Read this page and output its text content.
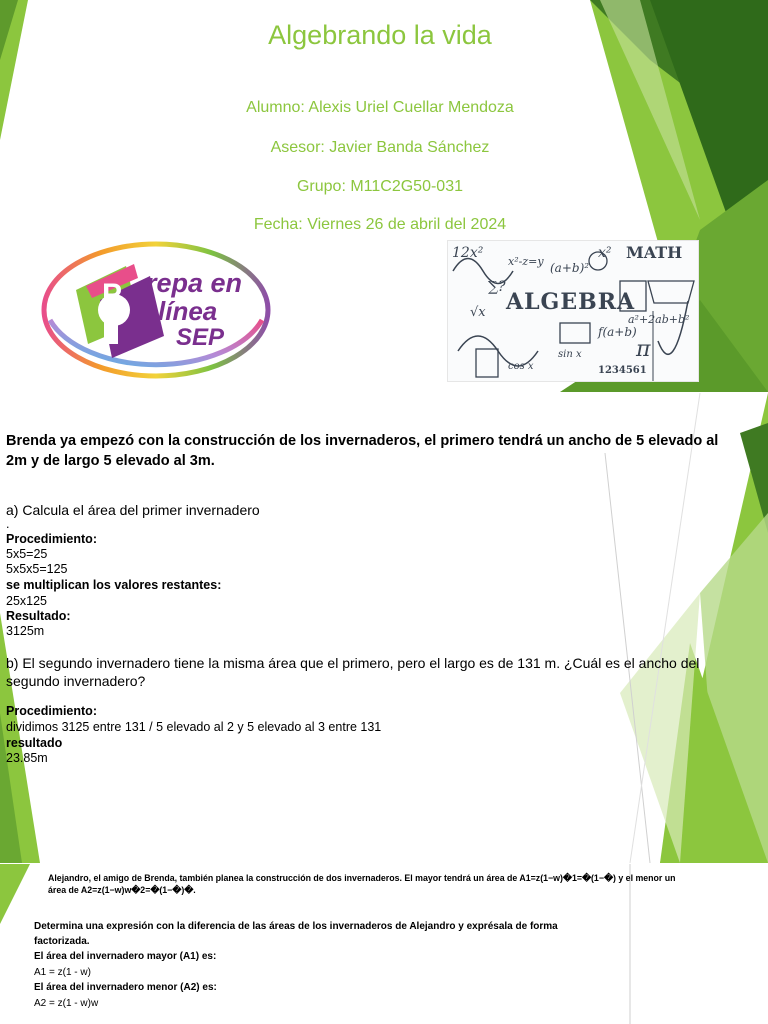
Algebrando la vida
Alumno: Alexis Uriel Cuellar Mendoza
Asesor: Javier Banda Sánchez
Grupo: M11C2G50-031
Fecha: Viernes 26 de abril del 2024
P repa en
línea
SEP
ALGEBRA
MATH
1234561
x²-z=y
√x	a²+2ab+b²
f(a+b)
(a+b)²
∑?
cos x
x²
π
sin x
12x²
Brenda ya empezó con la construcción de los invernaderos, el primero tendrá un ancho de 5 elevado al 2m y de largo 5 elevado al 3m.
a) Calcula el área del primer invernadero
.
Procedimiento:
5x5=25
5x5x5=125
se multiplican los valores restantes:
25x125
Resultado:
3125m
b) El segundo invernadero tiene la misma área que el primero, pero el largo es de 131 m. ¿Cuál es el ancho del segundo invernadero?
Procedimiento:
dividimos 3125 entre 131 / 5 elevado al 2 y 5 elevado al 3 entre 131
resultado
23.85m
Alejandro, el amigo de Brenda, también planea la construcción de dos invernaderos. El mayor tendrá un área de A1=z(1−w)�1=�(1−�) y el menor un área de A2=z(1−w)w�2=�(1−�)�.
Determina una expresión con la diferencia de las áreas de los invernaderos de Alejandro y exprésala de forma factorizada.
El área del invernadero mayor (A1) es:
A1 = z(1 - w)
El área del invernadero menor (A2) es:
A2 = z(1 - w)w
